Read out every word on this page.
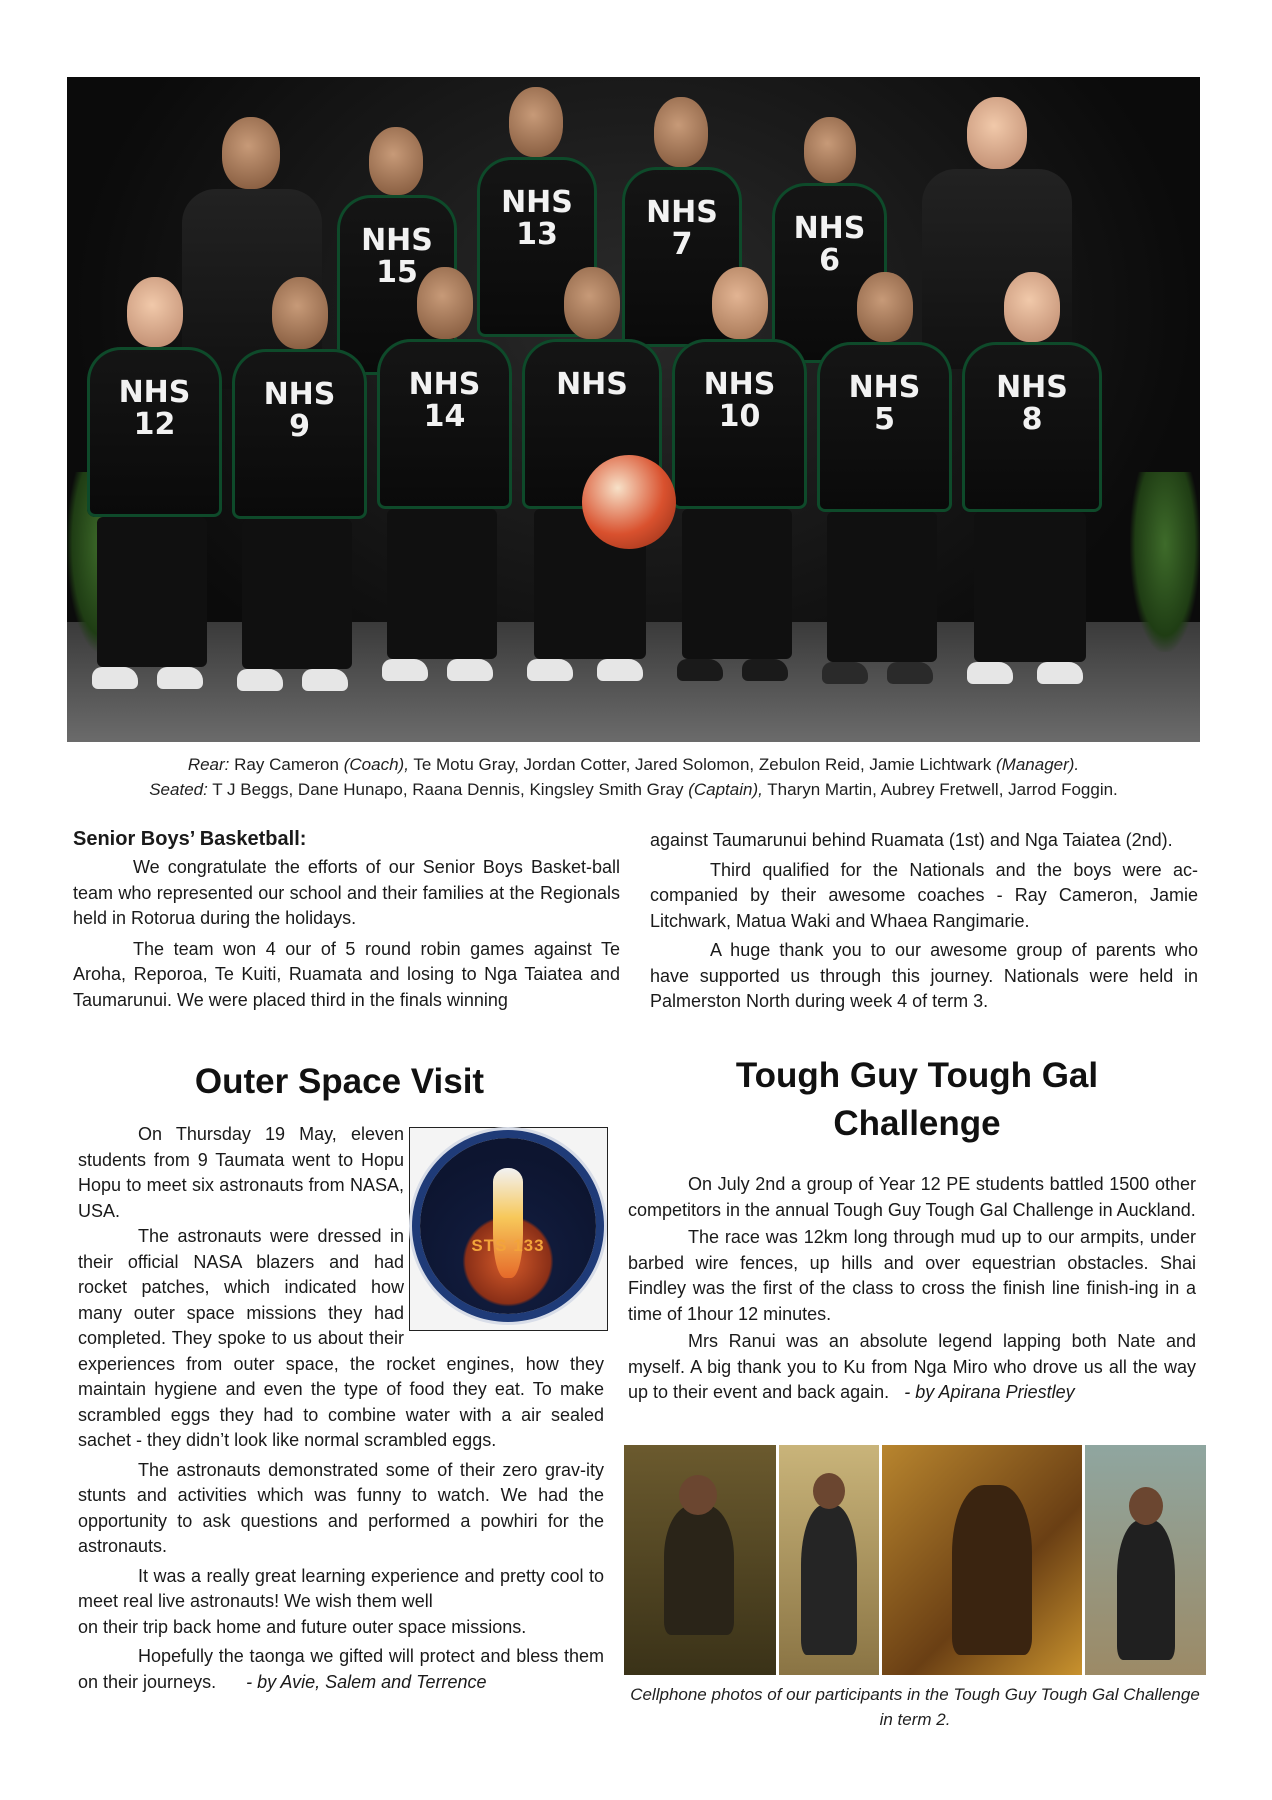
NHS
15
NHS
13
NHS
7	NHS
6
NHS
12
NHS
9
NHS
14
NHS	NHS
10
NHS
5
NHS
8
Rear: Ray Cameron (Coach), Te Motu Gray, Jordan Cotter, Jared Solomon, Zebulon Reid, Jamie Lichtwark (Manager).
Seated: T J Beggs, Dane Hunapo, Raana Dennis, Kingsley Smith Gray (Captain), Tharyn Martin, Aubrey Fretwell, Jarrod Foggin.
Senior Boys’ Basketball:

We congratulate the efforts of our Senior Boys Basket-ball team who represented our school and their families at the Regionals held in Rotorua during the holidays.

The team won 4 our of 5 round robin games against Te Aroha, Reporoa, Te Kuiti, Ruamata and losing to Nga Taiatea and Taumarunui. We were placed third in the finals winning

against Taumarunui behind Ruamata (1st) and Nga Taiatea (2nd).

Third qualified for the Nationals and the boys were ac-companied by their awesome coaches - Ray Cameron, Jamie Litchwark, Matua Waki and Whaea Rangimarie.

A huge thank you to our awesome group of parents who have supported us through this journey. Nationals were held in Palmerston North during week 4 of term 3.

Outer Space Visit
STS 133

On Thursday 19 May, eleven students from 9 Taumata went to Hopu Hopu to meet six astronauts from NASA, USA.

The astronauts were dressed in their official NASA blazers and had rocket patches, which indicated how many outer space missions they had completed. They spoke to us about their experiences from outer space, the rocket engines, how they maintain hygiene and even the type of food they eat. To make scrambled eggs they had to combine water with a air sealed sachet - they didn’t look like normal scrambled eggs.

The astronauts demonstrated some of their zero grav-ity stunts and activities which was funny to watch. We had the opportunity to ask questions and performed a powhiri for the astronauts.

It was a really great learning experience and pretty cool to meet real live astronauts! We wish them well

on their trip back home and future outer space missions.

Hopefully the taonga we gifted will protect and bless them on their journeys. - by Avie, Salem and Terrence

Tough Guy Tough Gal
Challenge

On July 2nd a group of Year 12 PE students battled 1500 other competitors in the annual Tough Guy Tough Gal Challenge in Auckland.

The race was 12km long through mud up to our armpits, under barbed wire fences, up hills and over equestrian obstacles. Shai Findley was the first of the class to cross the finish line finish-ing in a time of 1hour 12 minutes.

Mrs Ranui was an absolute legend lapping both Nate and myself. A big thank you to Ku from Nga Miro who drove us all the way up to their event and back again. - by Apirana Priestley

Cellphone photos of our participants in the Tough Guy Tough Gal Challenge in term 2.
